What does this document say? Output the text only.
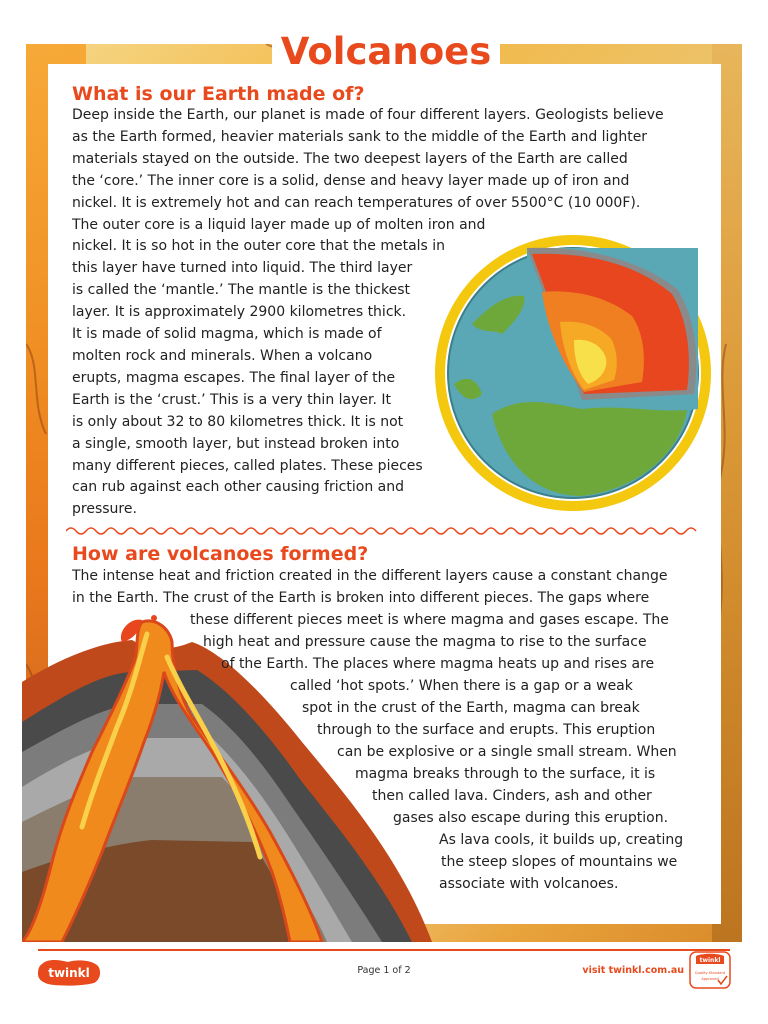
Volcanoes
What is our Earth made of?
Deep inside the Earth, our planet is made of four different layers. Geologists believe
as the Earth formed, heavier materials sank to the middle of the Earth and lighter
materials stayed on the outside. The two deepest layers of the Earth are called
the ‘core.’ The inner core is a solid, dense and heavy layer made up of iron and
nickel. It is extremely hot and can reach temperatures of over 5500°C (10 000F).
The outer core is a liquid layer made up of molten iron and
nickel. It is so hot in the outer core that the metals in
this layer have turned into liquid. The third layer
is called the ‘mantle.’ The mantle is the thickest
layer. It is approximately 2900 kilometres thick.
It is made of solid magma, which is made of
molten rock and minerals. When a volcano
erupts, magma escapes. The final layer of the
Earth is the ‘crust.’ This is a very thin layer. It
is only about 32 to 80 kilometres thick. It is not
a single, smooth layer, but instead broken into
many different pieces, called plates. These pieces
can rub against each other causing friction and
pressure.
How are volcanoes formed?
The intense heat and friction created in the different layers cause a constant change
in the Earth. The crust of the Earth is broken into different pieces. The gaps where
these different pieces meet is where magma and gases escape. The
high heat and pressure cause the magma to rise to the surface
of the Earth. The places where magma heats up and rises are
called ‘hot spots.’ When there is a gap or a weak
spot in the crust of the Earth, magma can break
through to the surface and erupts. This eruption
can be explosive or a single small stream. When
magma breaks through to the surface, it is
then called lava. Cinders, ash and other
gases also escape during this eruption.
As lava cools, it builds up, creating
the steep slopes of mountains we
associate with volcanoes.
twinkl	Page 1 of 2	visit twinkl.com.au
twinkl
Quality Standard
Approved
